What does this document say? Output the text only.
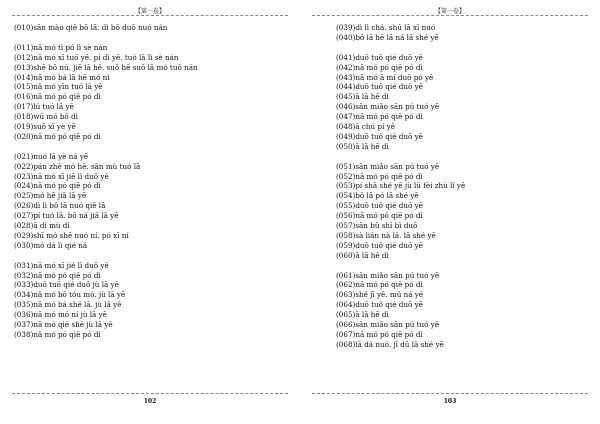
【第一卷】
(010)sān mào qiě bō lā. dì bō duō nuó nán
(011)nā mó tì pó lì sè nán
(012)nā mó xī tuó yē. pí dì yē. tuó lā lì sè nán
(013)shē bō nú. jiē lā hē. suō hē suō lā mó tuō nán
(014)nā mó bá lā hē mó nì
(015)nā mó yīn tuó lā yē
(016)nā mó pó qiē pó dì
(017)lú tuó lā yē
(018)wū mó bō dì
(019)suō xī yè yē
(020)nā mó pó qiē pó dì
(021)nuó lā yè ná yē
(022)pán zhē mó hē. sān mù tuó lā
(023)nā mó xī jiē lì duō yē
(024)nā mó pó qiē pó dì
(025)mó hē jiā lā yē
(026)dì lì bō lā nuó qiē lā
(027)pí tuó lā. bō ná jiā lā yē
(028)ā dì mù dì
(029)shī mó shē nuó ní. pó xī ní
(030)mó dá lì qié ná
(031)nā mó xī jié lì duō yē
(032)nā mó pó qiē pó dì
(033)duō tuō qié duō jù lā yē
(034)nā mó bō tóu mó. jù lā yē
(035)nā mó bá shé lā. jù lā yē
(036)nā mó mó ní jù lā yē
(037)nā mó qié shé jù lā yē
(038)nā mó pó qiē pó dì
102
【第一卷】
(039)dì lì chá. shū lā xī nuó
(040)bō lā hē lā ná lā shé yē
(041)duō tuō qié duō yē
(042)nā mó pó qiē pó dì
(043)nā mó ā mí duō pó yē
(044)duō tuō qié duō yē
(045)ā lā hē dì
(046)sān miǎo sān pú tuó yē
(047)nā mó pó qiē pó dì
(048)ā chú pí yē
(049)duō tuō qié duō yē
(050)ā lā hē dì
(051)sān miǎo sān pú tuó yē
(052)nā mó pó qiē pó dì
(053)pí shā shé yē jù lū fèi zhù lǐ yē
(054)bō lā pó lā shé yē
(055)duō tuō qié duō yē
(056)nā mó pó qiē pó dì
(057)sān bǔ shī bì duō
(058)sà lián nà lā. lā shé yē
(059)duō tuō qié duō yē
(060)ā lā hē dì
(061)sān miǎo sān pú tuó yē
(062)nā mó pó qiē pó dì
(063)shě jī yē. mǔ ná yé
(064)duō tuō qié duō yē
(065)ā lā hē dì
(066)sān miǎo sān pú tuó yē
(067)nā mó pó qiē pó dì
(068)lā dá nuó. jī dū lā shé yē
103
